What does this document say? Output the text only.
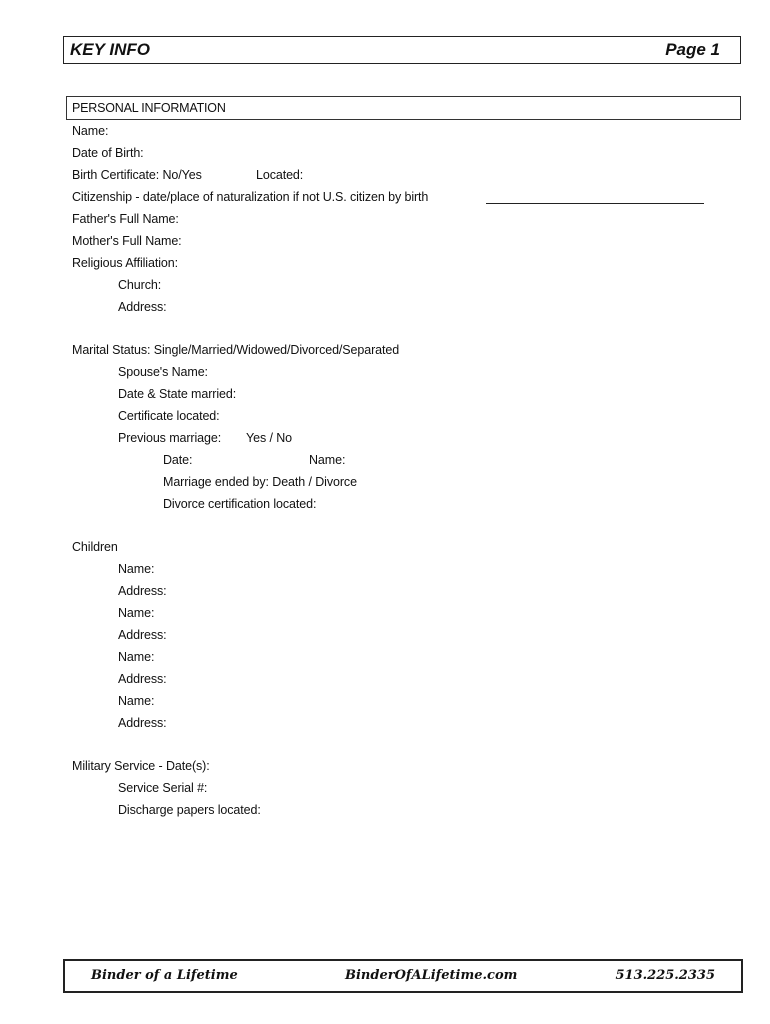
KEY INFO	Page 1
PERSONAL INFORMATION
Name:
Date of Birth:
Birth Certificate: No/Yes	Located:
Citizenship - date/place of naturalization if not U.S. citizen by birth
Father's Full Name:
Mother's Full Name:
Religious Affiliation:
Church:
Address:
Marital Status: Single/Married/Widowed/Divorced/Separated
Spouse's Name:
Date & State married:
Certificate located:
Previous marriage: Yes / No
Date:	Name:
Marriage ended by: Death / Divorce
Divorce certification located:
Children
Name:
Address:
Name:
Address:
Name:
Address:
Name:
Address:
Military Service - Date(s):
Service Serial #:
Discharge papers located:
Binder of a Lifetime	BinderOfALifetime.com	513.225.2335
